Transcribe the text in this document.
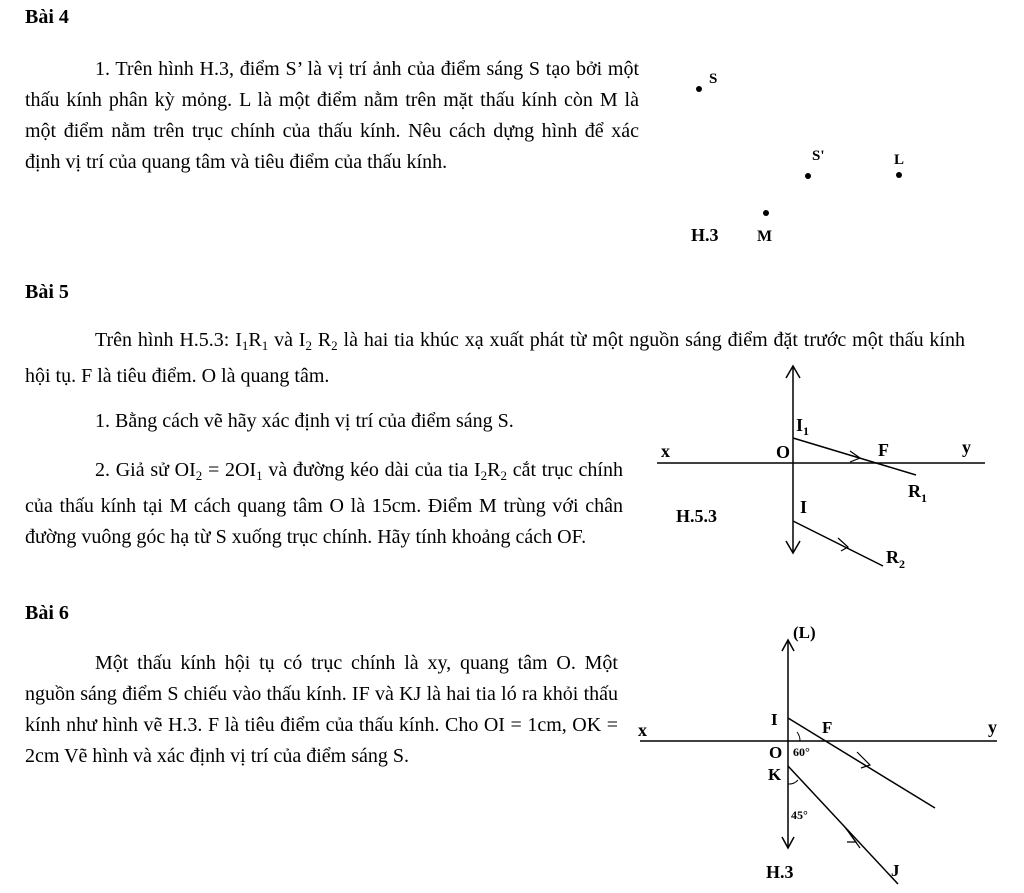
Bài 4
1. Trên hình H.3, điểm S’ là vị trí ảnh của điểm sáng S tạo bởi một thấu kính phân kỳ mỏng. L là một điểm nằm trên mặt thấu kính còn M là một điểm nằm trên trục chính của thấu kính. Nêu cách dựng hình để xác định vị trí của quang tâm và tiêu điểm của thấu kính.
S
S'	L
M
H.3
Bài 5
Trên hình H.5.3: $I_1R_1$ và $I_2$ $R_2$ là hai tia khúc xạ xuất phát từ một nguồn sáng điểm đặt trước một thấu kính hội tụ. F là tiêu điểm. O là quang tâm.
1. Bằng cách vẽ hãy xác định vị trí của điểm sáng S.
2. Giả sử $OI_2 = 2OI_1$ và đường kéo dài của tia $I_2R_2$ cắt trục chính của thấu kính tại M cách quang tâm O là 15cm. Điểm M trùng với chân đường vuông góc hạ từ S xuống trục chính. Hãy tính khoảng cách OF.
x	y
O	F
$I_1$
$R_1$
I
$R_2$
H.5.3
Bài 6
Một thấu kính hội tụ có trục chính là xy, quang tâm O. Một nguồn sáng điểm S chiếu vào thấu kính. IF và KJ là hai tia ló ra khỏi thấu kính như hình vẽ H.3. F là tiêu điểm của thấu kính. Cho OI = 1cm, OK = 2cm Vẽ hình và xác định vị trí của điểm sáng S.
(L)
x	y
I	F
O 60°
K
45°
J
H.3
